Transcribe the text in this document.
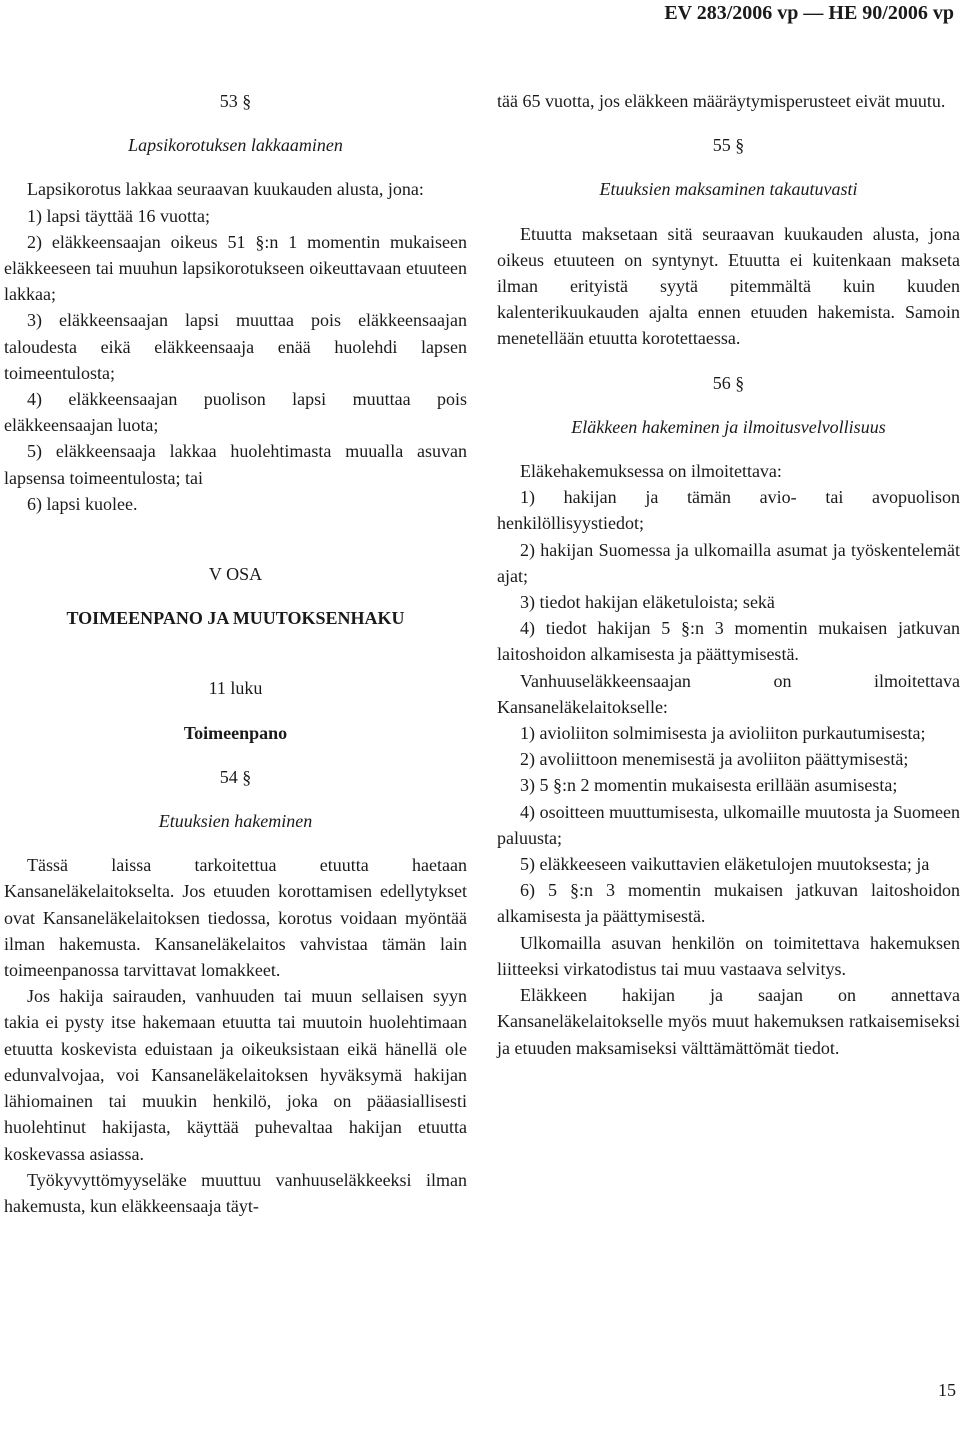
EV 283/2006 vp — HE 90/2006 vp

53 §

Lapsikorotuksen lakkaaminen

Lapsikorotus lakkaa seuraavan kuukauden alusta, jona:

1) lapsi täyttää 16 vuotta;

2) eläkkeensaajan oikeus 51 §:n 1 momentin mukaiseen eläkkeeseen tai muuhun lapsikorotukseen oikeuttavaan etuuteen lakkaa;

3) eläkkeensaajan lapsi muuttaa pois eläkkeensaajan taloudesta eikä eläkkeensaaja enää huolehdi lapsen toimeentulosta;

4) eläkkeensaajan puolison lapsi muuttaa pois eläkkeensaajan luota;

5) eläkkeensaaja lakkaa huolehtimasta muualla asuvan lapsensa toimeentulosta; tai

6) lapsi kuolee.

V OSA

TOIMEENPANO JA MUUTOKSENHAKU

11 luku

Toimeenpano

54 §

Etuuksien hakeminen

Tässä laissa tarkoitettua etuutta haetaan Kansaneläkelaitokselta. Jos etuuden korottamisen edellytykset ovat Kansaneläkelaitoksen tiedossa, korotus voidaan myöntää ilman hakemusta. Kansaneläkelaitos vahvistaa tämän lain toimeenpanossa tarvittavat lomakkeet.

Jos hakija sairauden, vanhuuden tai muun sellaisen syyn takia ei pysty itse hakemaan etuutta tai muutoin huolehtimaan etuutta koskevista eduistaan ja oikeuksistaan eikä hänellä ole edunvalvojaa, voi Kansaneläkelaitoksen hyväksymä hakijan lähiomainen tai muukin henkilö, joka on pääasiallisesti huolehtinut hakijasta, käyttää puhevaltaa hakijan etuutta koskevassa asiassa.

Työkyvyttömyyseläke muuttuu vanhuuseläkkeeksi ilman hakemusta, kun eläkkeensaaja täyt-

tää 65 vuotta, jos eläkkeen määräytymisperusteet eivät muutu.

55 §

Etuuksien maksaminen takautuvasti

Etuutta maksetaan sitä seuraavan kuukauden alusta, jona oikeus etuuteen on syntynyt. Etuutta ei kuitenkaan makseta ilman erityistä syytä pitemmältä kuin kuuden kalenterikuukauden ajalta ennen etuuden hakemista. Samoin menetellään etuutta korotettaessa.

56 §

Eläkkeen hakeminen ja ilmoitusvelvollisuus

Eläkehakemuksessa on ilmoitettava:

1) hakijan ja tämän avio- tai avopuolison henkilöllisyystiedot;

2) hakijan Suomessa ja ulkomailla asumat ja työskentelemät ajat;

3) tiedot hakijan eläketuloista; sekä

4) tiedot hakijan 5 §:n 3 momentin mukaisen jatkuvan laitoshoidon alkamisesta ja päättymisestä.

Vanhuuseläkkeensaajan on ilmoitettava Kansaneläkelaitokselle:

1) avioliiton solmimisesta ja avioliiton purkautumisesta;

2) avoliittoon menemisestä ja avoliiton päättymisestä;

3) 5 §:n 2 momentin mukaisesta erillään asumisesta;

4) osoitteen muuttumisesta, ulkomaille muutosta ja Suomeen paluusta;

5) eläkkeeseen vaikuttavien eläketulojen muutoksesta; ja

6) 5 §:n 3 momentin mukaisen jatkuvan laitoshoidon alkamisesta ja päättymisestä.

Ulkomailla asuvan henkilön on toimitettava hakemuksen liitteeksi virkatodistus tai muu vastaava selvitys.

Eläkkeen hakijan ja saajan on annettava Kansaneläkelaitokselle myös muut hakemuksen ratkaisemiseksi ja etuuden maksamiseksi välttämättömät tiedot.

15
